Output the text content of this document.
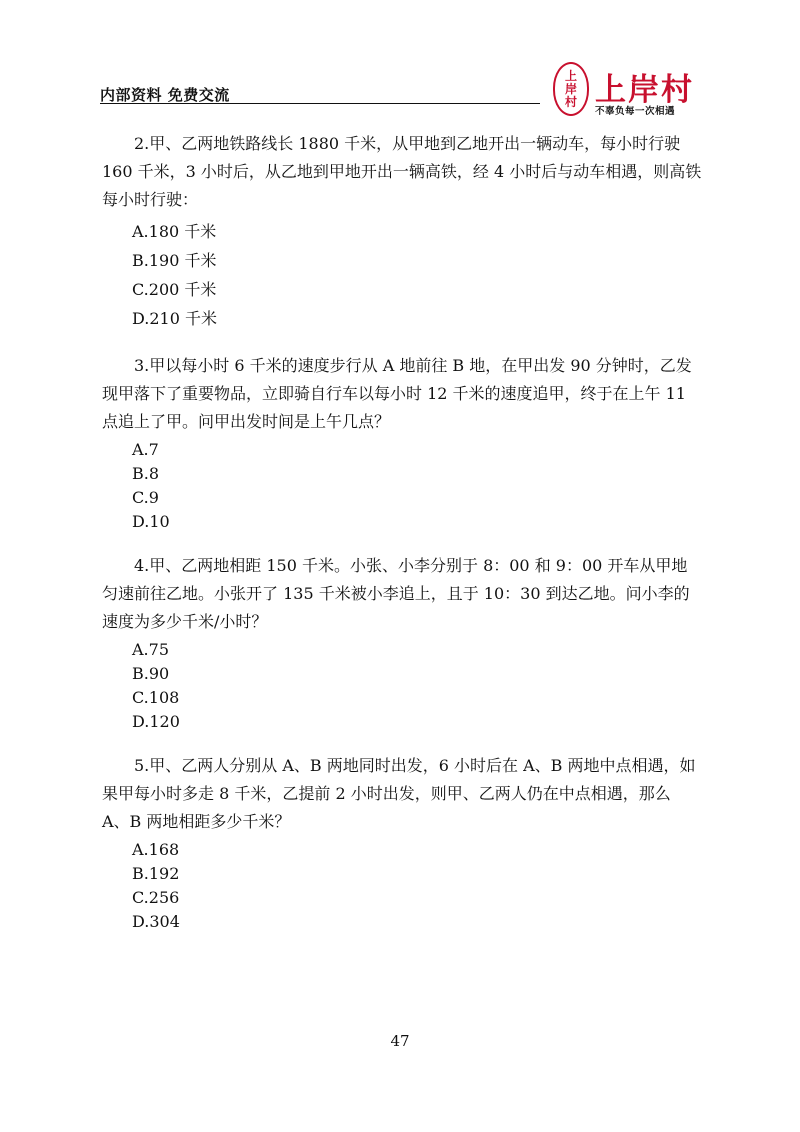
内部资料 免费交流
上
岸
村 上岸村
不辜负每一次相遇

2.甲、乙两地铁路线长 1880 千米，从甲地到乙地开出一辆动车，每小时行驶 160 千米，3 小时后，从乙地到甲地开出一辆高铁，经 4 小时后与动车相遇，则高铁每小时行驶：

A.180 千米
B.190 千米
C.200 千米
D.210 千米

3.甲以每小时 6 千米的速度步行从 A 地前往 B 地，在甲出发 90 分钟时，乙发现甲落下了重要物品，立即骑自行车以每小时 12 千米的速度追甲，终于在上午 11 点追上了甲。问甲出发时间是上午几点？

A.7
B.8
C.9
D.10

4.甲、乙两地相距 150 千米。小张、小李分别于 8：00 和 9：00 开车从甲地匀速前往乙地。小张开了 135 千米被小李追上，且于 10：30 到达乙地。问小李的速度为多少千米/小时？

A.75
B.90
C.108
D.120

5.甲、乙两人分别从 A、B 两地同时出发，6 小时后在 A、B 两地中点相遇，如果甲每小时多走 8 千米，乙提前 2 小时出发，则甲、乙两人仍在中点相遇，那么 A、B 两地相距多少千米？

A.168
B.192
C.256
D.304
47
